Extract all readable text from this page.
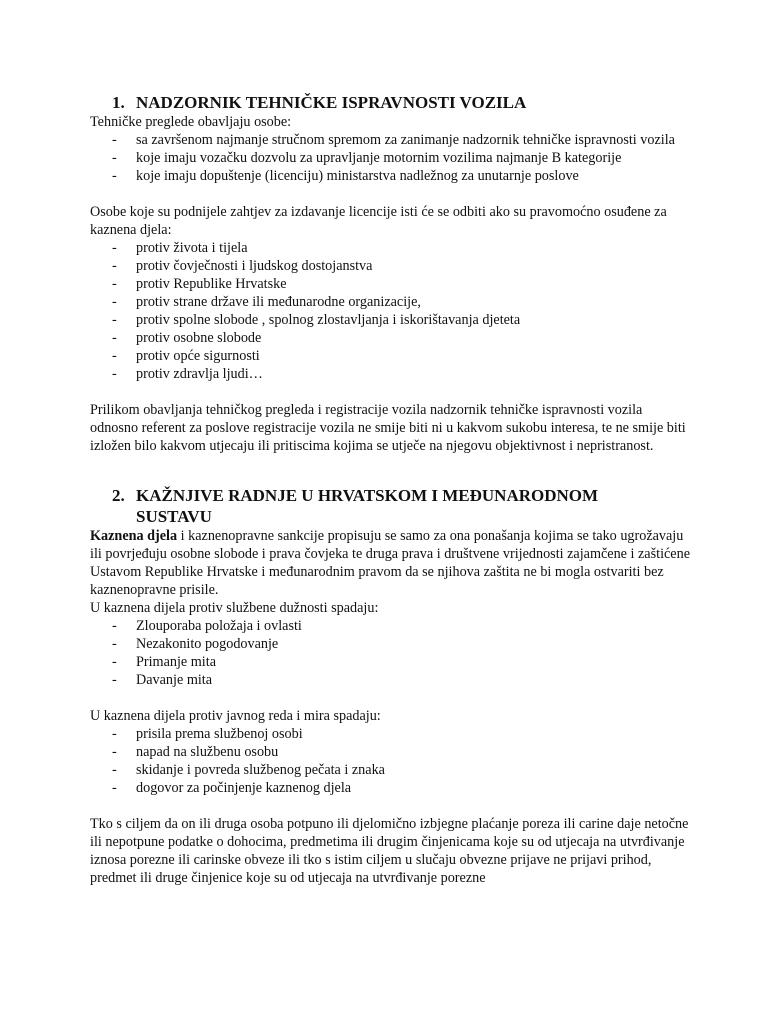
1. NADZORNIK TEHNIČKE ISPRAVNOSTI VOZILA

Tehničke preglede obavljaju osobe:

-	sa završenom najmanje stručnom spremom za zanimanje nadzornik tehničke ispravnosti vozila
-	koje imaju vozačku dozvolu za upravljanje motornim vozilima najmanje B kategorije
-	koje imaju dopuštenje (licenciju) ministarstva nadležnog za unutarnje poslove

Osobe koje su podnijele zahtjev za izdavanje licencije isti će se odbiti ako su pravomoćno osuđene za kaznena djela:

-	protiv života i tijela
-	protiv čovječnosti i ljudskog dostojanstva
-	protiv Republike Hrvatske
-	protiv strane države ili međunarodne organizacije,
-	protiv spolne slobode , spolnog zlostavljanja i iskorištavanja djeteta
-	protiv osobne slobode
-	protiv opće sigurnosti
-	protiv zdravlja ljudi…

Prilikom obavljanja tehničkog pregleda i registracije vozila nadzornik tehničke ispravnosti vozila odnosno referent za poslove registracije vozila ne smije biti ni u kakvom sukobu interesa, te ne smije biti izložen bilo kakvom utjecaju ili pritiscima kojima se utječe na njegovu objektivnost i nepristranost.

2. KAŽNJIVE RADNJE U HRVATSKOM I MEĐUNARODNOM
SUSTAVU

Kaznena djela i kaznenopravne sankcije propisuju se samo za ona ponašanja kojima se tako ugrožavaju ili povrjeđuju osobne slobode i prava čovjeka te druga prava i društvene vrijednosti zajamčene i zaštićene Ustavom Republike Hrvatske i međunarodnim pravom da se njihova zaštita ne bi mogla ostvariti bez kaznenopravne prisile.

U kaznena dijela protiv službene dužnosti spadaju:

-	Zlouporaba položaja i ovlasti
-	Nezakonito pogodovanje
-	Primanje mita
-	Davanje mita

U kaznena dijela protiv javnog reda i mira spadaju:

-	prisila prema službenoj osobi
-	napad na službenu osobu
-	skidanje i povreda službenog pečata i znaka
-	dogovor za počinjenje kaznenog djela

Tko s ciljem da on ili druga osoba potpuno ili djelomično izbjegne plaćanje poreza ili carine daje netočne ili nepotpune podatke o dohocima, predmetima ili drugim činjenicama koje su od utjecaja na utvrđivanje iznosa porezne ili carinske obveze ili tko s istim ciljem u slučaju obvezne prijave ne prijavi prihod, predmet ili druge činjenice koje su od utjecaja na utvrđivanje porezne
